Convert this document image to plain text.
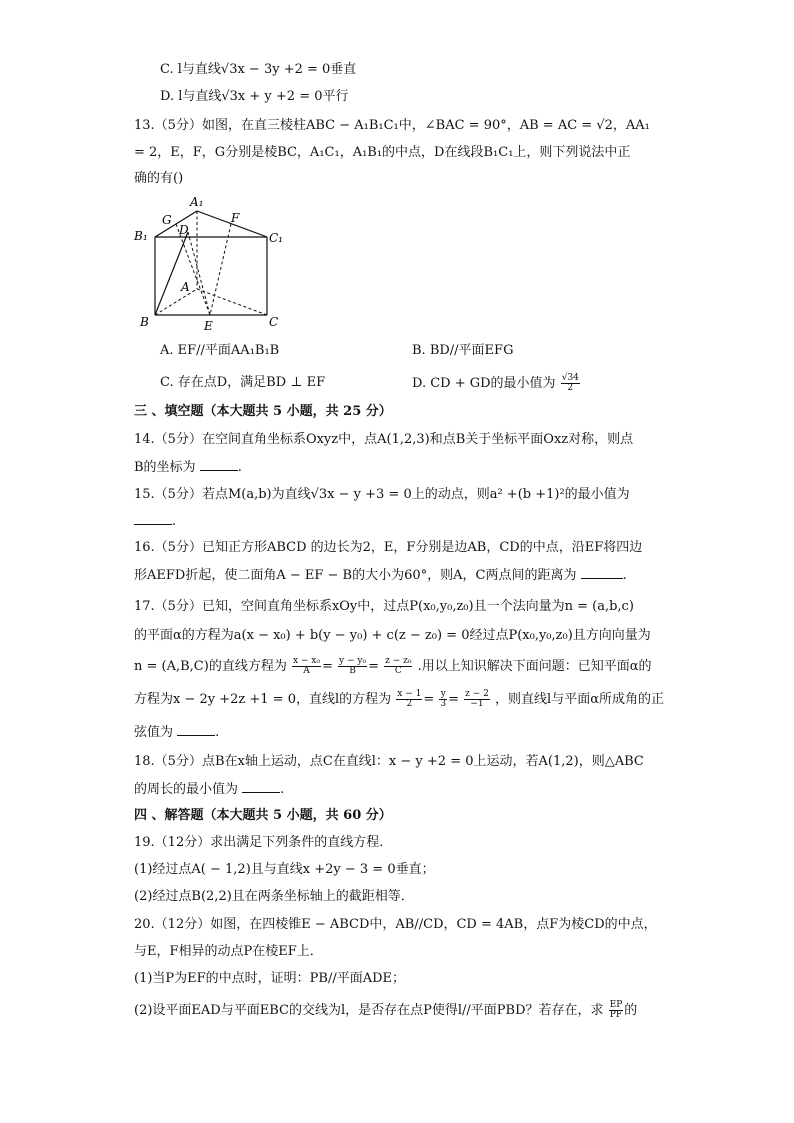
C. l与直线√3x − 3y +2 = 0垂直
D. l与直线√3x + y +2 = 0平行
13.（5分）如图，在直三棱柱ABC − A₁B₁C₁中，∠BAC = 90°，AB = AC = √2，AA₁
= 2，E，F，G分别是棱BC，A₁C₁，A₁B₁的中点，D在线段B₁C₁上，则下列说法中正
确的有()
A₁
B₁	C₁
G
D
F
A
B	C
E
A. EF//平面AA₁B₁B	B. BD//平面EFG
C. 存在点D，满足BD ⊥ EF	D. CD + GD的最小值为 $\frac{√34}{2}$
三 、填空题（本大题共 5 小题，共 25 分）
14.（5分）在空间直角坐标系Oxyz中，点A(1,2,3)和点B关于坐标平面Oxz对称，则点
B的坐标为	.
15.（5分）若点M(a,b)为直线√3x − y +3 = 0上的动点，则a² +(b +1)²的最小值为
.
16.（5分）已知正方形ABCD 的边长为2，E，F分别是边AB，CD的中点，沿EF将四边
形AEFD折起，使二面角A − EF − B的大小为60°，则A，C两点间的距离为	.
17.（5分）已知，空间直角坐标系xOy中，过点P(x₀,y₀,z₀)且一个法向量为n = (a,b,c)
的平面α的方程为a(x − x₀) + b(y − y₀) + c(z − z₀) = 0经过点P(x₀,y₀,z₀)且方向向量为
n = (A,B,C)的直线方程为 $\frac{\text{x − x₀}}{A} = \frac{\text{y − y₀}}{B} = \frac{\text{z − z₀}}{C}$ .用以上知识解决下面问题：已知平面α的
方程为x − 2y +2z +1 = 0，直线l的方程为 $\frac{x - 1}{2} = \frac{y}{3} = \frac{z - 2}{-1}$ ，则直线l与平面α所成角的正
弦值为	.
18.（5分）点B在x轴上运动，点C在直线l：x − y +2 = 0上运动，若A(1,2)，则△ABC
的周长的最小值为	.
四 、解答题（本大题共 5 小题，共 60 分）
19.（12分）求出满足下列条件的直线方程．
(1)经过点A( − 1,2)且与直线x +2y − 3 = 0垂直；
(2)经过点B(2,2)且在两条坐标轴上的截距相等．
20.（12分）如图，在四棱锥E − ABCD中，AB//CD，CD = 4AB，点F为棱CD的中点，
与E，F相异的动点P在棱EF上．
(1)当P为EF的中点时，证明：PB//平面ADE；
(2)设平面EAD与平面EBC的交线为l，是否存在点P使得l//平面PBD？若存在，求 $\frac{EP}{PF}$ 的
